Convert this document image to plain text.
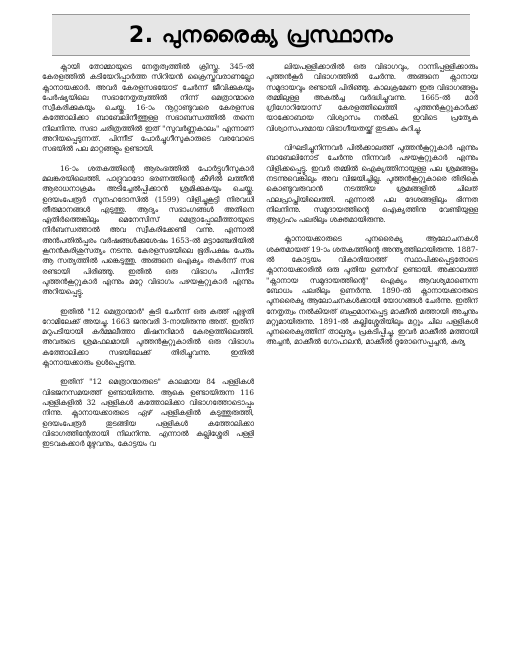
2. പുനരൈക്യ പ്രസ്ഥാനം

ക്നായി തോമ്മായുടെ നേതൃത്വത്തിൽ ക്രിസ്തു. 345-ൽ കേരളത്തിൽ കടിയേറിപ്പാർത്ത സിറിയൻ ക്രൈസ്തവരാണല്ലോ ക്നാനായക്കാർ. അവർ കേരളസഭയോട് ചേർന്ന് ജീവിക്കുകയും പേർഷ്യയിലെ സഭാനേതൃത്വത്തിൽ നിന്ന് മെത്രാന്മാരെ സ്വീകരിക്കുകയും ചെയ്തു. 16-ാം നൂറ്റാണ്ടുവരെ കേരളസഭ കത്തോലിക്കാ ബാബേലിനീത്തുള്ള സഭാബന്ധത്തിൽ തന്നെ നിലനിന്നു. സഭാ ചരിത്രത്തിൽ ഇത് "സുവർണ്ണകാലം" എന്നാണ് അറിയപ്പെടുന്നത്. പിന്നീട് പോർച്ചുഗീസുകാരുടെ വരവോടെ സഭയിൽ പല മാറ്റങ്ങളും ഉണ്ടായി.

16-ാം ശതകത്തിന്റെ ആരംഭത്തിൽ പോർട്ടുഗീസുകാർ മലങ്കരയിലെത്തി. പാദ്രുവാദോ ഭരണത്തിന്റെ കീഴിൽ ലത്തീൻ ആരാധനാക്രമം അടിച്ചേൽപ്പിക്കാൻ ശ്രമിക്കുകയും ചെയ്തു. ഉദയംപേരൂർ സൂനഹദോസിൽ (1599) വിളിച്ചുകൂട്ടി നിരവധി തീരുമാനങ്ങൾ എടുത്തു. ആദ്യം സഭാംഗങ്ങൾ അതിനെ എതിർത്തെങ്കിലും മെനേസിസ് മെത്രാപ്പോലീത്തായുടെ നിർബന്ധത്താൽ അവ സ്വീകരിക്കേണ്ടി വന്നു. എന്നാൽ അൻപതിൽപ്പരം വർഷങ്ങൾക്കുശേഷം 1653-ൽ മട്ടാഞ്ചേരിയിൽ കൂനൻകുരിശുസത്യം നടന്നു. കേരളസഭയിലെ ഭൂരിപക്ഷം പേരും ആ സത്യത്തിൽ പങ്കെടുത്തു. അങ്ങനെ ഐക്യം തകർന്ന് സഭ രണ്ടായി പിരിഞ്ഞു. ഇതിൽ ഒരു വിഭാഗം പിന്നീട് പുത്തൻകൂറ്റുകാർ എന്നും മറ്റേ വിഭാഗം പഴയകൂറ്റുകാർ എന്നും അറിയപ്പെട്ടു.

ഇതിൽ "12 മെത്രാന്മാർ" കൂടി ചേർന്ന് ഒരു കത്ത് എഴുതി റോമിലേക്ക് അയച്ചു. 1663 ജനുവരി 3-നായിരുന്നു അത്. ഇതിന് മറുപടിയായി കർമ്മലീത്താ മിഷനറിമാർ കേരളത്തിലെത്തി. അവരുടെ ശ്രമഫലമായി പുത്തൻകൂറ്റുകാരിൽ ഒരു വിഭാഗം കത്തോലിക്കാ സഭയിലേക്ക് തിരിച്ചുവന്നു. ഇതിൽ ക്നാനായക്കാരും ഉൾപ്പെടുന്നു.

ഇതിന് "12 മെത്രാന്മാരുടെ" കാലമായ 84 പള്ളികൾ വിഭജനസമയത്ത് ഉണ്ടായിരുന്നു. ആകെ ഉണ്ടായിരുന്ന 116 പള്ളികളിൽ 32 പള്ളികൾ കത്തോലിക്കാ വിഭാഗത്തോടൊപ്പം നിന്നു. ക്നാനായക്കാരുടെ ഏഴ് പള്ളികളിൽ കടുത്തുരുത്തി, ഉദയംപേരൂർ തുടങ്ങിയ പള്ളികൾ കത്തോലിക്കാ വിഭാഗത്തിന്റേതായി നിലനിന്നു. എന്നാൽ കല്ലിശ്ശേരി പള്ളി ഇടവകക്കാർ മുഴുവനും, കോട്ടയം വ

ലിയപള്ളിക്കാരിൽ ഒരു വിഭാഗവും, റാന്നിപ്പള്ളിക്കാരും പുത്തൻകൂർ വിഭാഗത്തിൽ ചേർന്നു. അങ്ങനെ ക്നാനായ സമുദായവും രണ്ടായി പിരിഞ്ഞു. കാലക്രമേണ ഇരു വിഭാഗങ്ങളും തമ്മിലുള്ള അകൽച്ച വർദ്ധിച്ചുവന്നു. 1665-ൽ മാർ ഗ്രിഗോറിയോസ് കേരളത്തിലെത്തി പുത്തൻകൂറ്റുകാർക്ക് യാക്കോബായ വിശ്വാസം നൽകി. ഇവിടെ പ്രത്യേക വിശ്വാസപരമായ വിഭാഗീയതയ്ക്ക് തുടക്കം കുറിച്ചു.

വിഘടിച്ചുനിന്നവർ പിൽക്കാലത്ത് പുത്തൻകൂറ്റുകാർ എന്നും ബാബേലിനോട് ചേർന്നു നിന്നവർ പഴയകൂറ്റുകാർ എന്നും വിളിക്കപ്പെട്ടു. ഇവർ തമ്മിൽ ഐക്യത്തിനായുള്ള പല ശ്രമങ്ങളും നടന്നുവെങ്കിലും അവ വിജയിച്ചില്ല. പുത്തൻകൂറ്റുകാരെ തിരികെ കൊണ്ടുവരുവാൻ നടത്തിയ ശ്രമങ്ങളിൽ ചിലത് ഫലപ്രാപ്തിയിലെത്തി. എന്നാൽ പല ദേശങ്ങളിലും ഭിന്നത നിലനിന്നു. സമുദായത്തിന്റെ ഐക്യത്തിനു വേണ്ടിയുള്ള ആഗ്രഹം പലരിലും ശക്തമായിരുന്നു.

ക്നാനായക്കാരുടെ പുനരൈക്യ ആലോചനകൾ ശക്തമായത് 19-ാം ശതകത്തിന്റെ അന്ത്യത്തിലായിരുന്നു. 1887-ൽ കോട്ടയം വികാരിയാത്ത് സ്ഥാപിക്കപ്പെട്ടതോടെ ക്നാനായക്കാരിൽ ഒരു പുതിയ ഉണർവ് ഉണ്ടായി. അക്കാലത്ത് "ക്നാനായ സമുദായത്തിന്റെ" ഐക്യം ആവശ്യമാണെന്ന ബോധം പലരിലും ഉണർന്നു. 1890-ൽ ക്നാനായക്കാരുടെ പുനരൈക്യ ആലോചനകൾക്കായി യോഗങ്ങൾ ചേർന്നു. ഇതിന് നേതൃത്വം നൽകിയത് ബഹുമാനപ്പെട്ട മാക്കീൽ മത്തായി അച്ചനും മറ്റുമായിരുന്നു. 1891-ൽ കല്ലിശ്ശേരിയിലും മറ്റും ചില പള്ളികൾ പുനരൈക്യത്തിന് താല്പര്യം പ്രകടിപ്പിച്ചു. ഇവർ മാക്കീൽ മത്തായി അച്ചൻ, മാക്കീൽ ഗോപാലൻ, മാക്കീൽ ദൂരോസെപ്പച്ചൻ, കുര്യ
